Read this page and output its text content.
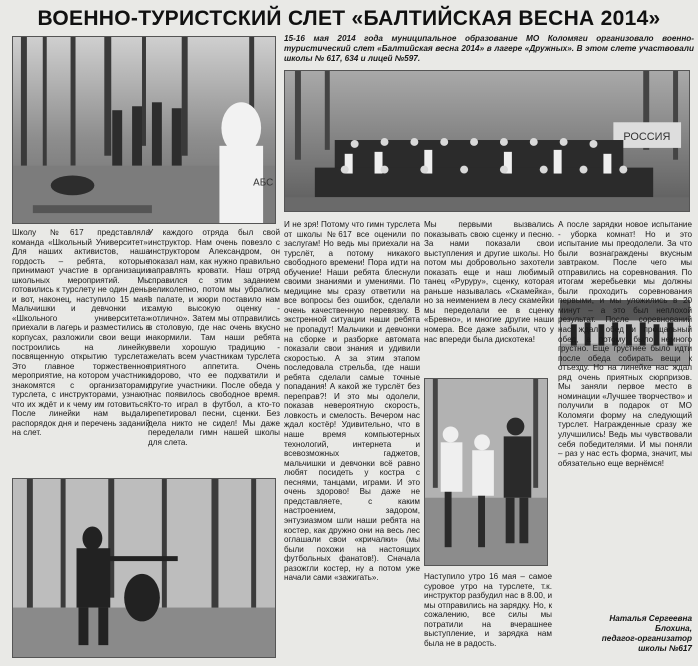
ВОЕННО-ТУРИСТСКИЙ СЛЕТ «БАЛТИЙСКАЯ ВЕСНА 2014»
15-16 мая 2014 года муниципальное образование МО Коломяги организовало военно-туристический слет «Балтийская весна 2014» в лагере «Дружных». В этом слете участвовали школы № 617, 634 и лицей №597.
АБС
РОССИЯ

Школу №617 представляла команда «Школьный Университет». Для наших активистов, наша гордость – ребята, которые принимают участие в организации школьных мероприятий. Мы готовились к турслету не один день, и вот, наконец, наступило 15 мая! Мальчишки и девчонки из «Школьного университета» приехали в лагерь и разместились в корпусах, разложили свои вещи и построились на линейку, посвященную открытию турслета. Это главное торжественное мероприятие, на котором участники знакомятся с организаторами турслета, с инструкторами, узнают, что их ждёт и к чему им готовиться. После линейки нам выдали распорядок дня и перечень заданий на слет.

У каждого отряда был свой инструктор. Нам очень повезло с инструктором Александром, он показал нам, как нужно правильно заправлять кровати. Наш отряд справился с этим заданием великолепно, потом мы убрались в палате, и жюри поставило нам самую высокую оценку - «отлично». Затем мы отправились в столовую, где нас очень вкусно накормили. Там наши ребята ввели хорошую традицию - желать всем участникам турслета приятного аппетита. Очень здорово, что ее подхватили и другие участники. После обеда у нас появилось свободное время. Кто-то играл в футбол, а кто-то репетировал песни, сценки. Без дела никто не сидел! Мы даже переделали гимн нашей школы для слета.

И не зря! Потому что гимн турслета от школы №617 все оценили по заслугам! Но ведь мы приехали на турслёт, а потому никакого свободного времени! Пора идти на обучение! Наши ребята блеснули своими знаниями и умениями. По медицине мы сразу ответили на все вопросы без ошибок, сделали очень качественную перевязку. В экстренной ситуации наши ребята не пропадут! Мальчики и девчонки на сборке и разборке автомата показали свои знания и удивили скоростью. А за этим этапом последовала стрельба, где наши ребята сделали самые точные попадания! А какой же турслёт без переправ?! И это мы одолели, показав невероятную скорость, ловкость и смелость. Вечером нас ждал костёр! Удивительно, что в наше время компьютерных технологий, интернета и всевозможных гаджетов, мальчишки и девчонки всё равно любят посидеть у костра с песнями, танцами, играми. И это очень здорово! Вы даже не представляете, с каким настроением, задором, энтузиазмом шли наши ребята на костер, как дружно они на весь лес оглашали свои «кричалки» (мы были похожи на настоящих футбольных фанатов!). Сначала разожгли костер, ну а потом уже начали сами «зажигать».

Мы первыми вызвались показывать свою сценку и песню. За нами показали свои выступления и другие школы. Но потом мы добровольно захотели показать еще и наш любимый танец «Руруру», сценку, которая раньше называлась «Скамейка», но за неимением в лесу скамейки мы переделали ее в сценку «Бревно», и многие другие наши номера. Все даже забыли, что у нас впереди была дискотека!

Наступило утро 16 мая – самое суровое утро на турслете, т.к. инструктор разбудил нас в 8.00, и мы отправились на зарядку. Но, к сожалению, все силы мы потратили на вчерашнее выступление, и зарядка нам была не в радость.

А после зарядки новое испытание - уборка комнат! Но и это испытание мы преодолели. За что были вознаграждены вкусным завтраком. После чего мы отправились на соревнования. По итогам жеребьевки мы должны были проходить соревнования первыми, и мы уложились в 20 минут – а это был неплохой результат. После соревнований нас ждал обед и прощальный обед, а потому было немного грустно. Еще грустнее было идти после обеда собирать вещи к отъезду. Но на линейке нас ждал ряд очень приятных сюрпризов. Мы заняли первое место в номинации «Лучшее творчество» и получили в подарок от МО Коломяги форму на следующий турслет. Награжденные сразу же улучшились! Ведь мы чувствовали себя победителями. И мы поняли – раз у нас есть форма, значит, мы обязательно еще вернёмся!

Наталья Сергеевна
Блохина,
педагог-организатор
школы №617
